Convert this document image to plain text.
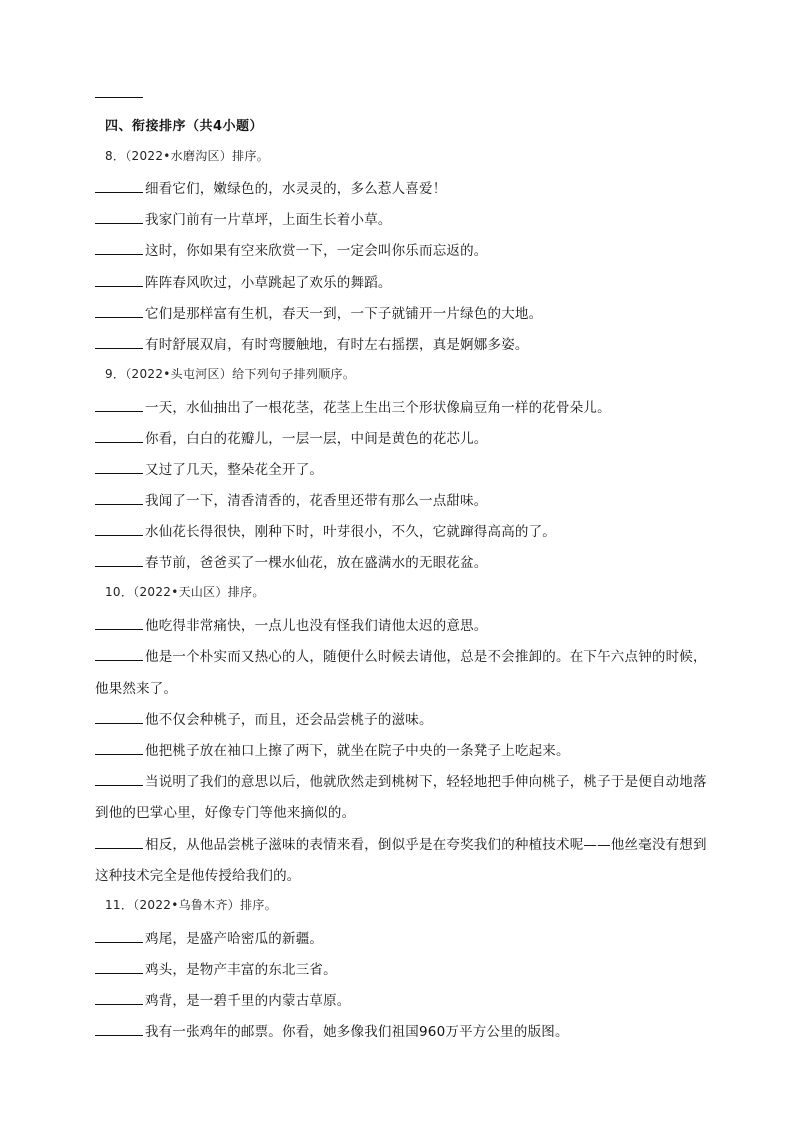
四、衔接排序（共4小题）
8．（2022•水磨沟区）排序。
细看它们，嫩绿色的，水灵灵的，多么惹人喜爱！
我家门前有一片草坪，上面生长着小草。
这时，你如果有空来欣赏一下，一定会叫你乐而忘返的。
阵阵春风吹过，小草跳起了欢乐的舞蹈。
它们是那样富有生机，春天一到，一下子就铺开一片绿色的大地。
有时舒展双肩，有时弯腰触地，有时左右摇摆，真是婀娜多姿。
9．（2022•头屯河区）给下列句子排列顺序。
一天，水仙抽出了一根花茎，花茎上生出三个形状像扁豆角一样的花骨朵儿。
你看，白白的花瓣儿，一层一层，中间是黄色的花芯儿。
又过了几天，整朵花全开了。
我闻了一下，清香清香的，花香里还带有那么一点甜味。
水仙花长得很快，刚种下时，叶芽很小，不久，它就蹿得高高的了。
春节前，爸爸买了一棵水仙花，放在盛满水的无眼花盆。
10．（2022•天山区）排序。
他吃得非常痛快，一点儿也没有怪我们请他太迟的意思。
他是一个朴实而又热心的人，随便什么时候去请他，总是不会推卸的。在下午六点钟的时候，
他果然来了。
他不仅会种桃子，而且，还会品尝桃子的滋味。
他把桃子放在袖口上擦了两下，就坐在院子中央的一条凳子上吃起来。
当说明了我们的意思以后，他就欣然走到桃树下，轻轻地把手伸向桃子，桃子于是便自动地落
到他的巴掌心里，好像专门等他来摘似的。
相反，从他品尝桃子滋味的表情来看，倒似乎是在夸奖我们的种植技术呢——他丝毫没有想到
这种技术完全是他传授给我们的。
11．（2022•乌鲁木齐）排序。
鸡尾，是盛产哈密瓜的新疆。
鸡头，是物产丰富的东北三省。
鸡背，是一碧千里的内蒙古草原。
我有一张鸡年的邮票。你看，她多像我们祖国960万平方公里的版图。
